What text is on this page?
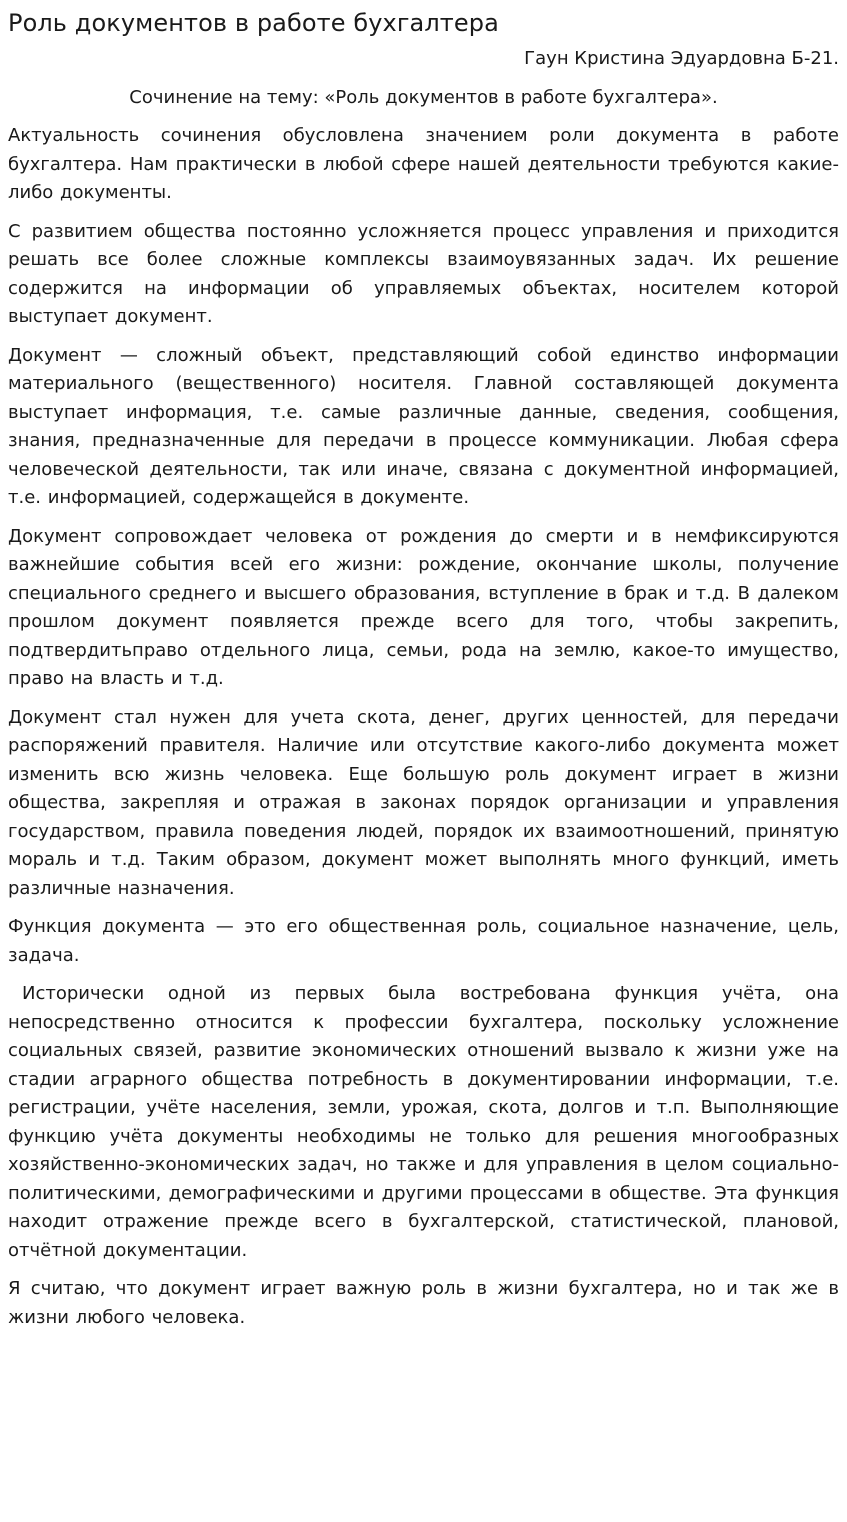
Роль документов в работе бухгалтера
Гаун Кристина Эдуардовна Б-21.
Сочинение на тему: «Роль документов в работе бухгалтера».

Актуальность сочинения обусловлена значением роли документа в работе бухгалтера. Нам практически в любой сфере нашей деятельности требуются какие-либо документы.

С развитием общества постоянно усложняется процесс управления и приходится решать все более сложные комплексы взаимоувязанных задач. Их решение содержится на информации об управляемых объектах, носителем которой выступает документ.

Документ — сложный объект, представляющий собой единство информации материального (вещественного) носителя. Главной составляющей документа выступает информация, т.е. самые различные данные, сведения, сообщения, знания, предназначенные для передачи в процессе коммуникации. Любая сфера человеческой деятельности, так или иначе, связана с документной информацией, т.е. информацией, содержащейся в документе.

Документ сопровождает человека от рождения до смерти и в немфиксируются важнейшие события всей его жизни: рождение, окончание школы, получение специального среднего и высшего образования, вступление в брак и т.д. В далеком прошлом документ появляется прежде всего для того, чтобы закрепить, подтвердитьправо отдельного лица, семьи, рода на землю, какое-то имущество, право на власть и т.д.

Документ стал нужен для учета скота, денег, других ценностей, для передачи распоряжений правителя. Наличие или отсутствие какого-либо документа может изменить всю жизнь человека. Еще большую роль документ играет в жизни общества, закрепляя и отражая в законах порядок организации и управления государством, правила поведения людей, порядок их взаимоотношений, принятую мораль и т.д. Таким образом, документ может выполнять много функций, иметь различные назначения.

Функция документа — это его общественная роль, социальное назначение, цель, задача.

Исторически одной из первых была востребована функция учёта, она непосредственно относится к профессии бухгалтера, поскольку усложнение социальных связей, развитие экономических отношений вызвало к жизни уже на стадии аграрного общества потребность в документировании информации, т.е. регистрации, учёте населения, земли, урожая, скота, долгов и т.п. Выполняющие функцию учёта документы необходимы не только для решения многообразных хозяйственно-экономических задач, но также и для управления в целом социально-политическими, демографическими и другими процессами в обществе. Эта функция находит отражение прежде всего в бухгалтерской, статистической, плановой, отчётной документации.

Я считаю, что документ играет важную роль в жизни бухгалтера, но и так же в жизни любого человека.
